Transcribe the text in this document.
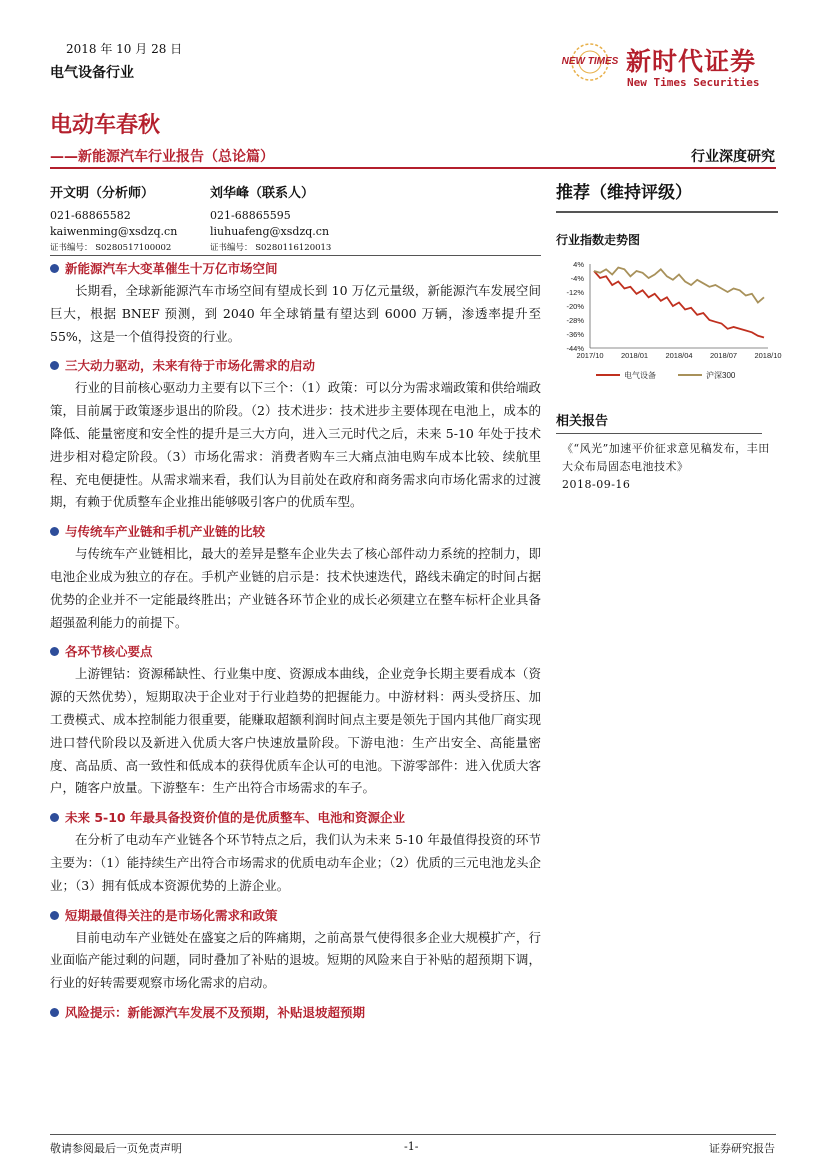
2018 年 10 月 28 日
电气设备行业
NEW TIMES 新时代证券
New Times Securities
电动车春秋
——新能源汽车行业报告（总论篇）	行业深度研究
开文明（分析师）
021-68865582
kaiwenming@xsdzq.cn
证书编号： S0280517100002
刘华峰（联系人）
021-68865595
liuhuafeng@xsdzq.cn
证书编号： S0280116120013
新能源汽车大变革催生十万亿市场空间
长期看，全球新能源汽车市场空间有望成长到 10 万亿元量级，新能源汽车发展空间巨大，根据 BNEF 预测，到 2040 年全球销量有望达到 6000 万辆，渗透率提升至 55%，这是一个值得投资的行业。
三大动力驱动，未来有待于市场化需求的启动
行业的目前核心驱动力主要有以下三个：（1）政策：可以分为需求端政策和供给端政策，目前属于政策逐步退出的阶段。（2）技术进步：技术进步主要体现在电池上，成本的降低、能量密度和安全性的提升是三大方向，进入三元时代之后，未来 5-10 年处于技术进步相对稳定阶段。（3）市场化需求：消费者购车三大痛点油电购车成本比较、续航里程、充电便捷性。从需求端来看，我们认为目前处在政府和商务需求向市场化需求的过渡期，有赖于优质整车企业推出能够吸引客户的优质车型。
与传统车产业链和手机产业链的比较
与传统车产业链相比，最大的差异是整车企业失去了核心部件动力系统的控制力，即电池企业成为独立的存在。手机产业链的启示是：技术快速迭代，路线未确定的时间占据优势的企业并不一定能最终胜出；产业链各环节企业的成长必须建立在整车标杆企业具备超强盈利能力的前提下。
各环节核心要点
上游锂钴：资源稀缺性、行业集中度、资源成本曲线，企业竞争长期主要看成本（资源的天然优势），短期取决于企业对于行业趋势的把握能力。中游材料：两头受挤压、加工费模式、成本控制能力很重要，能赚取超额利润时间点主要是领先于国内其他厂商实现进口替代阶段以及新进入优质大客户快速放量阶段。下游电池：生产出安全、高能量密度、高品质、高一致性和低成本的获得优质车企认可的电池。下游零部件：进入优质大客户，随客户放量。下游整车：生产出符合市场需求的车子。
未来 5-10 年最具备投资价值的是优质整车、电池和资源企业
在分析了电动车产业链各个环节特点之后，我们认为未来 5-10 年最值得投资的环节主要为：（1）能持续生产出符合市场需求的优质电动车企业；（2）优质的三元电池龙头企业；（3）拥有低成本资源优势的上游企业。
短期最值得关注的是市场化需求和政策
目前电动车产业链处在盛宴之后的阵痛期，之前高景气使得很多企业大规模扩产，行业面临产能过剩的问题，同时叠加了补贴的退坡。短期的风险来自于补贴的超预期下调，行业的好转需要观察市场化需求的启动。
风险提示：新能源汽车发展不及预期，补贴退坡超预期
推荐（维持评级）
行业指数走势图
4%
-4%
-12%
-20%
-28%
-36%
-44%
2017/10 2018/01 2018/04 2018/07 2018/10
电气设备	沪深300
相关报告
《“风光”加速平价征求意见稿发布，丰田大众布局固态电池技术》
2018-09-16
敬请参阅最后一页免责声明	-1-	证券研究报告
